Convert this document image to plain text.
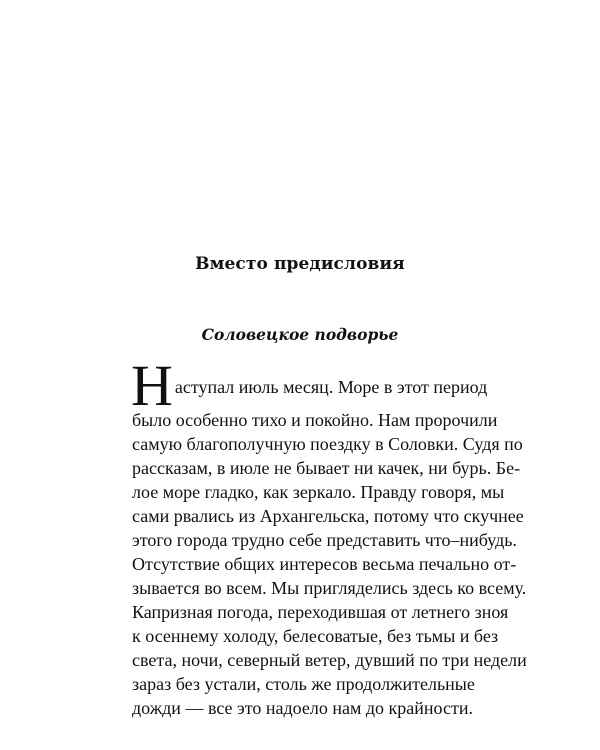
Вместо предисловия
Соловецкое подворье
Н аступал июль месяц. Море в этот период
было особенно тихо и покойно. Нам пророчили
самую благополучную поездку в Соловки. Судя по
рассказам, в июле не бывает ни качек, ни бурь. Бе-
лое море гладко, как зеркало. Правду говоря, мы
сами рвались из Архангельска, потому что скучнее
этого города трудно себе представить что–нибудь.
Отсутствие общих интересов весьма печально от-
зывается во всем. Мы пригляделись здесь ко всему.
Капризная погода, переходившая от летнего зноя
к осеннему холоду, белесоватые, без тьмы и без
света, ночи, северный ветер, дувший по три недели
зараз без устали, столь же продолжительные
дожди — все это надоело нам до крайности.
